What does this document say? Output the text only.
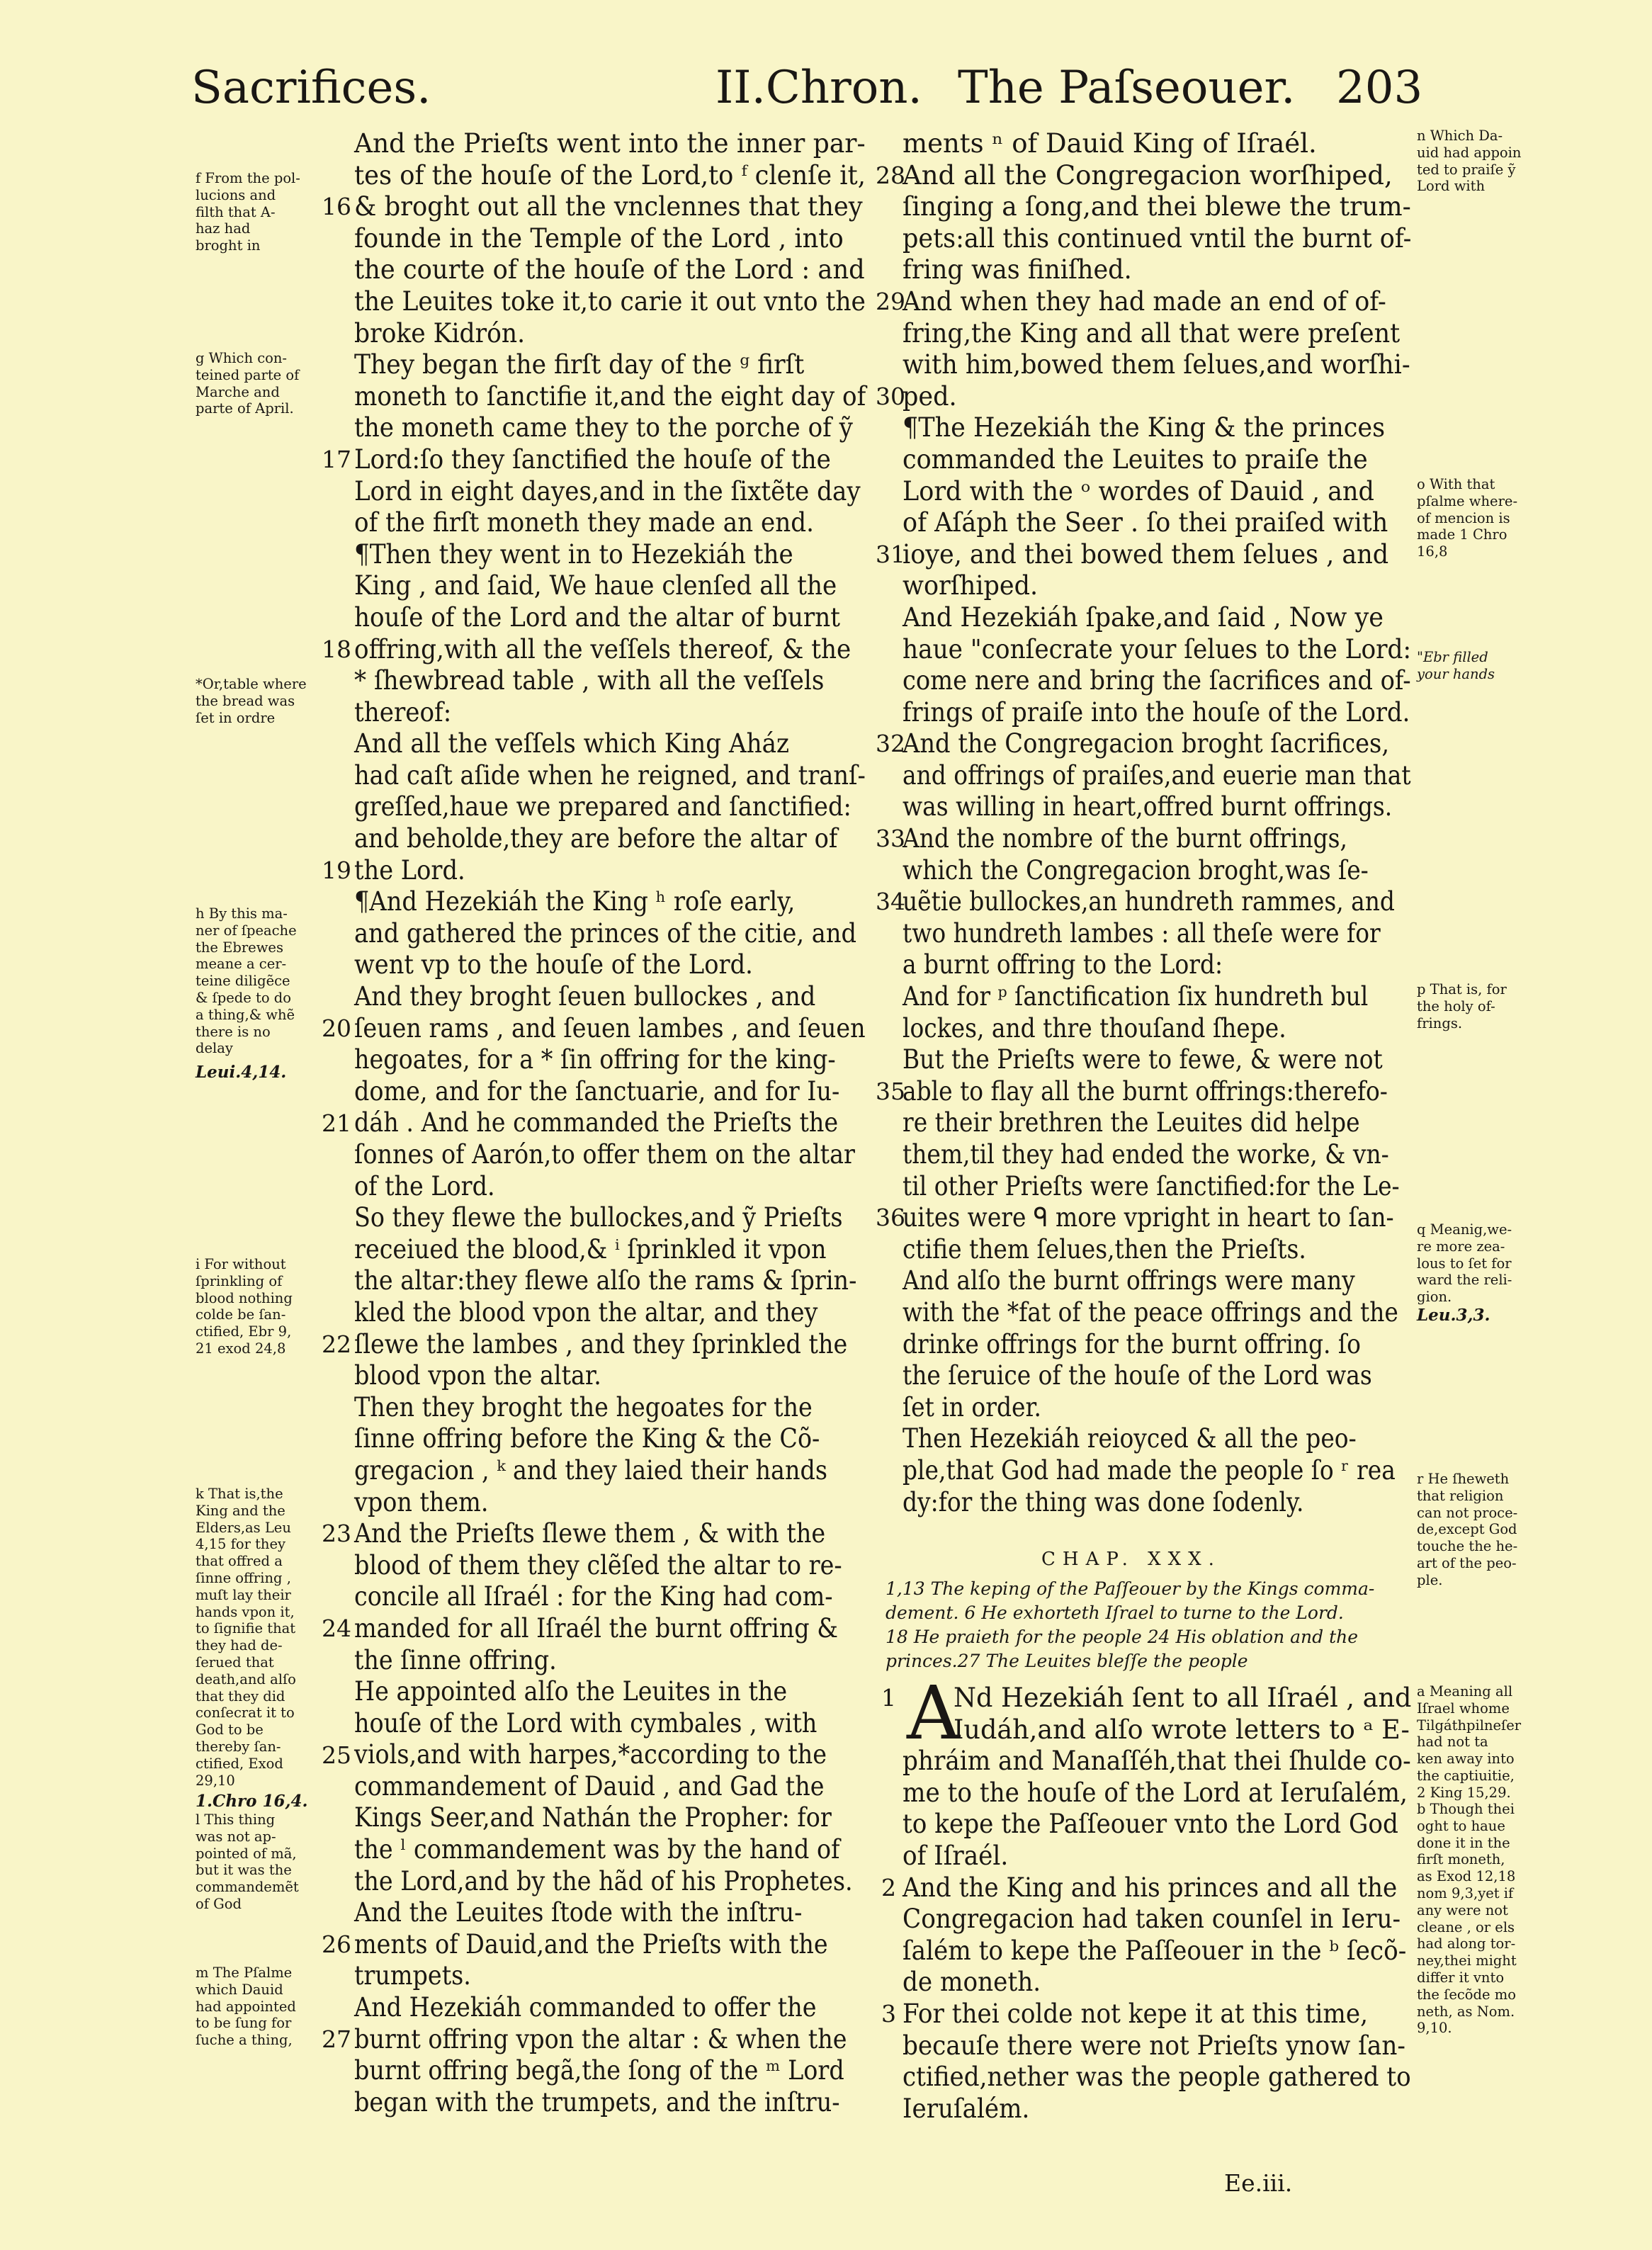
Sacrifices.	II.Chron. The Paſseouer. 203

f From the pol-

lucions and

filth that A-

haz had

broght in

g Which con-

teined parte of

Marche and

parte of April.

*Or,table where

the bread was

ſet in ordre

h By this ma-

ner of ſpeache

the Ebrewes

meane a cer-

teine diligẽce

& ſpede to do

a thing,& whẽ

there is no

delay

Leui.4,14.

i For without

ſprinkling of

blood nothing

colde be ſan-

ctified, Ebr 9,

21 exod 24,8

k That is,the

King and the

Elders,as Leu

4,15 for they

that offred a

ſinne offring ,

muſt lay their

hands vpon it,

to ſignifie that

they had de-

ſerued that

death,and alſo

that they did

conſecrat it to

God to be

thereby ſan-

ctified, Exod

29,10

1.Chro 16,4.

l This thing

was not ap-

pointed of mã,

but it was the

commandemẽt

of God

m The Pſalme

which Dauid

had appointed

to be ſung for

ſuche a thing,

16
17
18
19
20
21
22
23
24
25
26
27

And the Prieſts went into the inner par-

tes of the houſe of the Lord,to ᶠ clenſe it,

& broght out all the vnclennes that they

founde in the Temple of the Lord , into

the courte of the houſe of the Lord : and

the Leuites toke it,to carie it out vnto the

broke Kidrón.

They began the firſt day of the ᵍ firſt

moneth to ſanctifie it,and the eight day of

the moneth came they to the porche of ỹ

Lord:ſo they ſanctified the houſe of the

Lord in eight dayes,and in the ſixtẽte day

of the firſt moneth they made an end.

¶Then they went in to Hezekiáh the

King , and ſaid, We haue clenſed all the

houſe of the Lord and the altar of burnt

offring,with all the veſſels thereof, & the

* ſhewbread table , with all the veſſels

thereof:

And all the veſſels which King Aház

had caſt aſide when he reigned, and tranſ-

greſſed,haue we prepared and ſanctified:

and beholde,they are before the altar of

the Lord.

¶And Hezekiáh the King ʰ roſe early,

and gathered the princes of the citie, and

went vp to the houſe of the Lord.

And they broght ſeuen bullockes , and

ſeuen rams , and ſeuen lambes , and ſeuen

hegoates, for a * ſin offring for the king-

dome, and for the ſanctuarie, and for Iu-

dáh . And he commanded the Prieſts the

ſonnes of Aarón,to offer them on the altar

of the Lord.

So they flewe the bullockes,and ỹ Prieſts

receiued the blood,& ⁱ ſprinkled it vpon

the altar:they flewe alſo the rams & ſprin-

kled the blood vpon the altar, and they

ſlewe the lambes , and they ſprinkled the

blood vpon the altar.

Then they broght the hegoates for the

ſinne offring before the King & the Cõ-

gregacion , ᵏ and they laied their hands

vpon them.

And the Prieſts ſlewe them , & with the

blood of them they clẽſed the altar to re-

concile all Iſraél : for the King had com-

manded for all Iſraél the burnt offring &

the ſinne offring.

He appointed alſo the Leuites in the

houſe of the Lord with cymbales , with

viols,and with harpes,*according to the

commandement of Dauid , and Gad the

Kings Seer,and Nathán the Propher: for

the ˡ commandement was by the hand of

the Lord,and by the hãd of his Prophetes.

And the Leuites ſtode with the inſtru-

ments of Dauid,and the Prieſts with the

trumpets.

And Hezekiáh commanded to offer the

burnt offring vpon the altar : & when the

burnt offring begã,the ſong of the ᵐ Lord

began with the trumpets, and the inſtru-

28
29
30
31
32
33
34
35
36

ments ⁿ of Dauid King of Iſraél.

And all the Congregacion worſhiped,

ſinging a ſong,and thei blewe the trum-

pets:all this continued vntil the burnt of-

fring was finiſhed.

And when they had made an end of of-

fring,the King and all that were preſent

with him,bowed them ſelues,and worſhi-

ped.

¶The Hezekiáh the King & the princes

commanded the Leuites to praiſe the

Lord with the ᵒ wordes of Dauid , and

of Aſáph the Seer . ſo thei praiſed with

ioye, and thei bowed them ſelues , and

worſhiped.

And Hezekiáh ſpake,and ſaid , Now ye

haue "conſecrate your ſelues to the Lord:

come nere and bring the ſacrifices and of-

frings of praiſe into the houſe of the Lord.

And the Congregacion broght ſacrifices,

and offrings of praiſes,and euerie man that

was willing in heart,offred burnt offrings.

And the nombre of the burnt offrings,

which the Congregacion broght,was ſe-

uẽtie bullockes,an hundreth rammes, and

two hundreth lambes : all theſe were for

a burnt offring to the Lord:

And for ᵖ ſanctification ſix hundreth bul

lockes, and thre thouſand ſhepe.

But the Prieſts were to fewe, & were not

able to flay all the burnt offrings:therefo-

re their brethren the Leuites did helpe

them,til they had ended the worke, & vn-

til other Prieſts were ſanctified:for the Le-

uites were ᑫ more vpright in heart to ſan-

ctifie them ſelues,then the Prieſts.

And alſo the burnt offrings were many

with the *fat of the peace offrings and the

drinke offrings for the burnt offring. ſo

the ſeruice of the houſe of the Lord was

ſet in order.

Then Hezekiáh reioyced & all the peo-

ple,that God had made the people ſo ʳ rea

dy:for the thing was done ſodenly.

n Which Da-

uid had appoin

ted to praiſe ỹ

Lord with

o With that

pſalme where-

of mencion is

made 1 Chro

16,8

"Ebr filled

your hands

p That is, for

the holy of-

frings.

q Meanig,we-

re more zea-

lous to ſet for

ward the reli-

gion.

Leu.3,3.

r He ſheweth

that religion

can not proce-

de,except God

touche the he-

art of the peo-

ple.

a Meaning all

Iſrael whome

Tilgáthpilneſer

had not ta

ken away into

the captiuitie,

2 King 15,29.

b Though thei

oght to haue

done it in the

firſt moneth,

as Exod 12,18

nom 9,3,yet if

any were not

cleane , or els

had along tor-

ney,thei might

differ it vnto

the ſecõde mo

neth, as Nom.

9,10.

CHAP. XXX.

1,13 The keping of the Paſſeouer by the Kings comma-

dement. 6 He exhorteth Iſrael to turne to the Lord.

18 He praieth for the people 24 His oblation and the

princes.27 The Leuites bleſſe the people

A
1
2
3

Nd Hezekiáh ſent to all Iſraél , and

Iudáh,and alſo wrote letters to ᵃ E-

phráim and Manaſſéh,that thei ſhulde co-

me to the houſe of the Lord at Ieruſalém,

to kepe the Paſſeouer vnto the Lord God

of Iſraél.

And the King and his princes and all the

Congregacion had taken counſel in Ieru-

ſalém to kepe the Paſſeouer in the ᵇ ſecõ-

de moneth.

For thei colde not kepe it at this time,

becauſe there were not Prieſts ynow ſan-

ctified,nether was the people gathered to

Ieruſalém.

Ee.iii.
